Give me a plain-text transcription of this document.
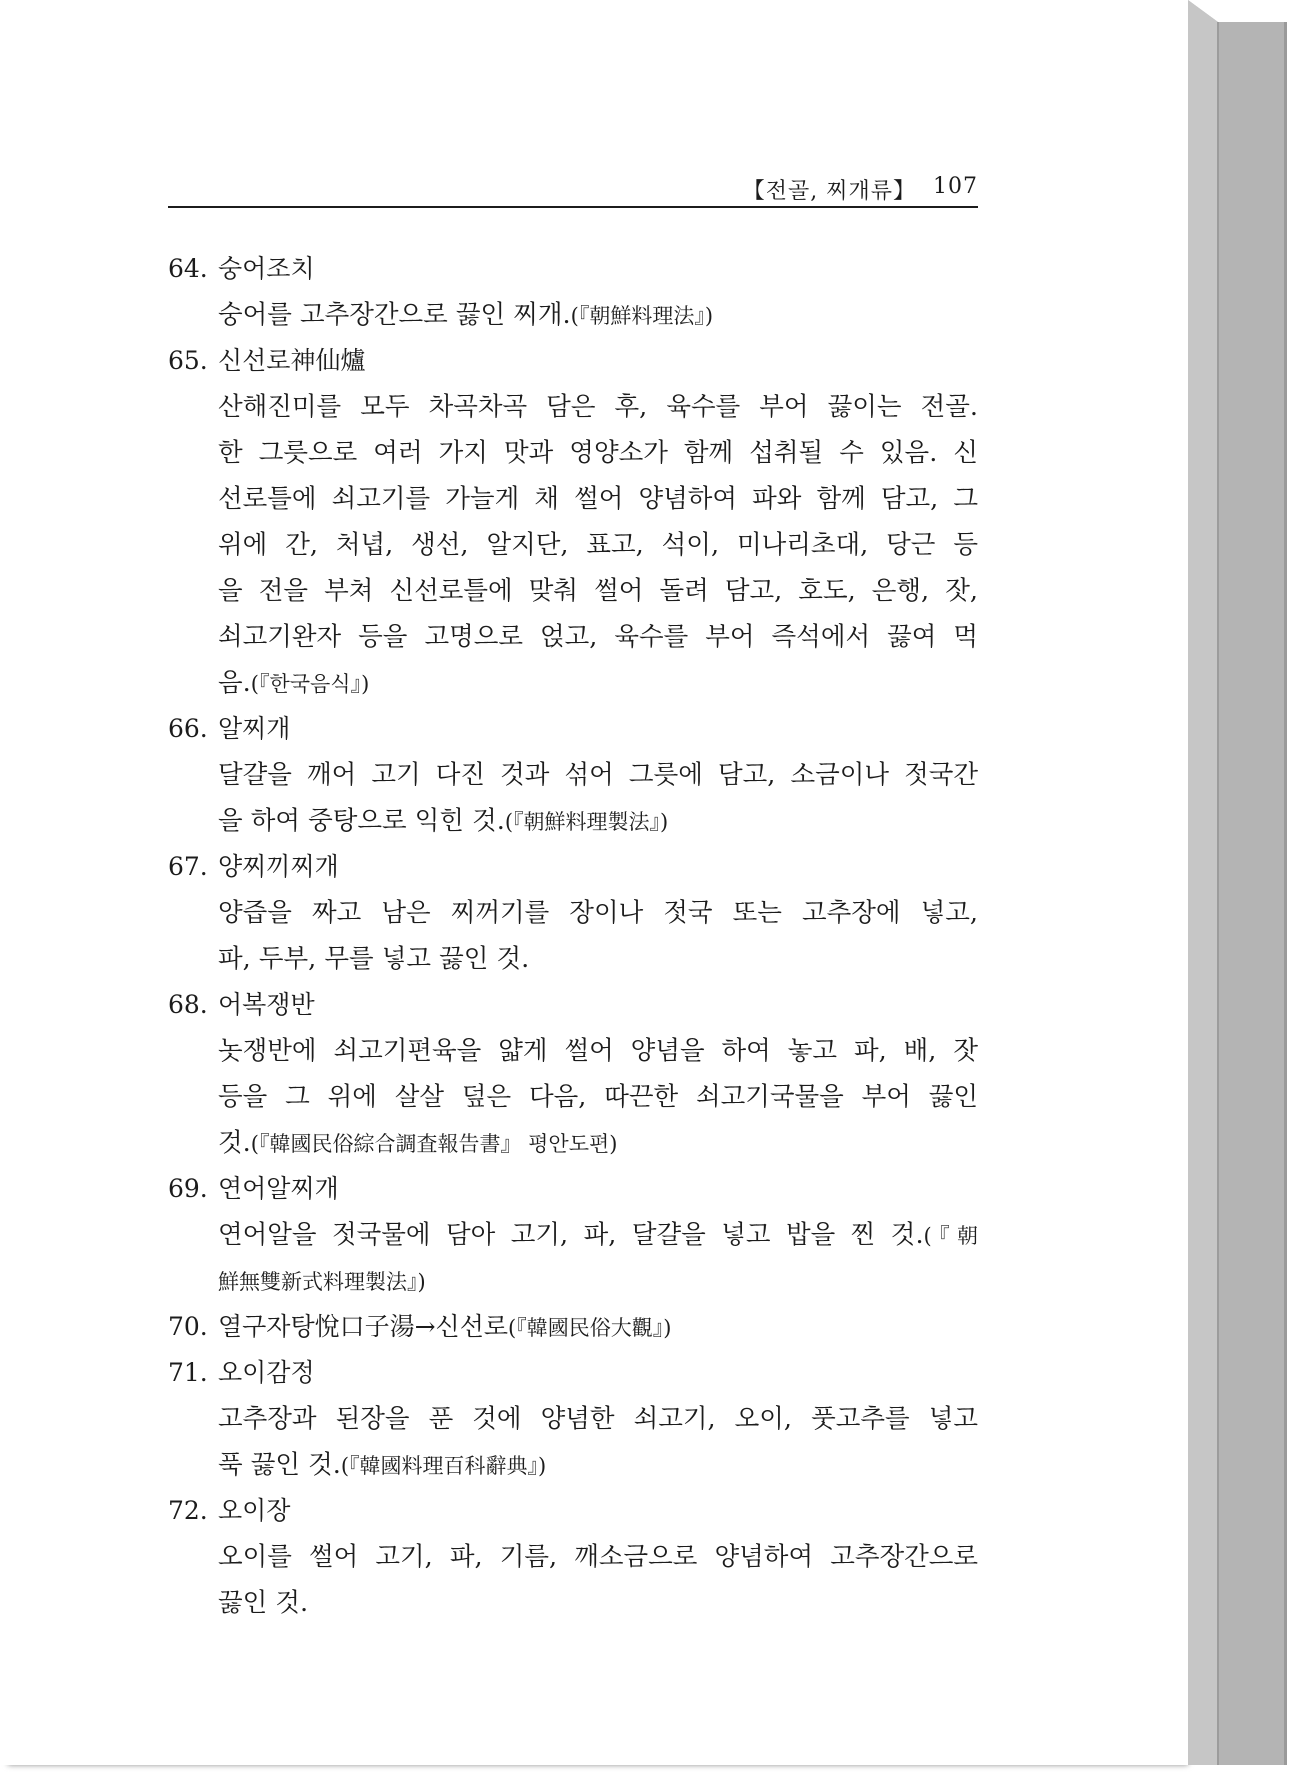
【전골, 찌개류】 107
64. 숭어조치
숭어를 고추장간으로 끓인 찌개.(『朝鮮料理法』)
65. 신선로神仙爐
산해진미를 모두 차곡차곡 담은 후, 육수를 부어 끓이는 전골.
한 그릇으로 여러 가지 맛과 영양소가 함께 섭취될 수 있음. 신
선로틀에 쇠고기를 가늘게 채 썰어 양념하여 파와 함께 담고, 그
위에 간, 처녑, 생선, 알지단, 표고, 석이, 미나리초대, 당근 등
을 전을 부쳐 신선로틀에 맞춰 썰어 돌려 담고, 호도, 은행, 잣,
쇠고기완자 등을 고명으로 얹고, 육수를 부어 즉석에서 끓여 먹
음.(『한국음식』)
66. 알찌개
달걀을 깨어 고기 다진 것과 섞어 그릇에 담고, 소금이나 젓국간
을 하여 중탕으로 익힌 것.(『朝鮮料理製法』)
67. 양찌끼찌개
양즙을 짜고 남은 찌꺼기를 장이나 젓국 또는 고추장에 넣고,
파, 두부, 무를 넣고 끓인 것.
68. 어복쟁반
놋쟁반에 쇠고기편육을 얇게 썰어 양념을 하여 놓고 파, 배, 잣
등을 그 위에 살살 덮은 다음, 따끈한 쇠고기국물을 부어 끓인
것.(『韓國民俗綜合調査報告書』 평안도편)
69. 연어알찌개
연어알을 젓국물에 담아 고기, 파, 달걀을 넣고 밥을 찐 것.(『朝
鮮無雙新式料理製法』)
70. 열구자탕悅口子湯→신선로(『韓國民俗大觀』)
71. 오이감정
고추장과 된장을 푼 것에 양념한 쇠고기, 오이, 풋고추를 넣고
푹 끓인 것.(『韓國料理百科辭典』)
72. 오이장
오이를 썰어 고기, 파, 기름, 깨소금으로 양념하여 고추장간으로
끓인 것.
